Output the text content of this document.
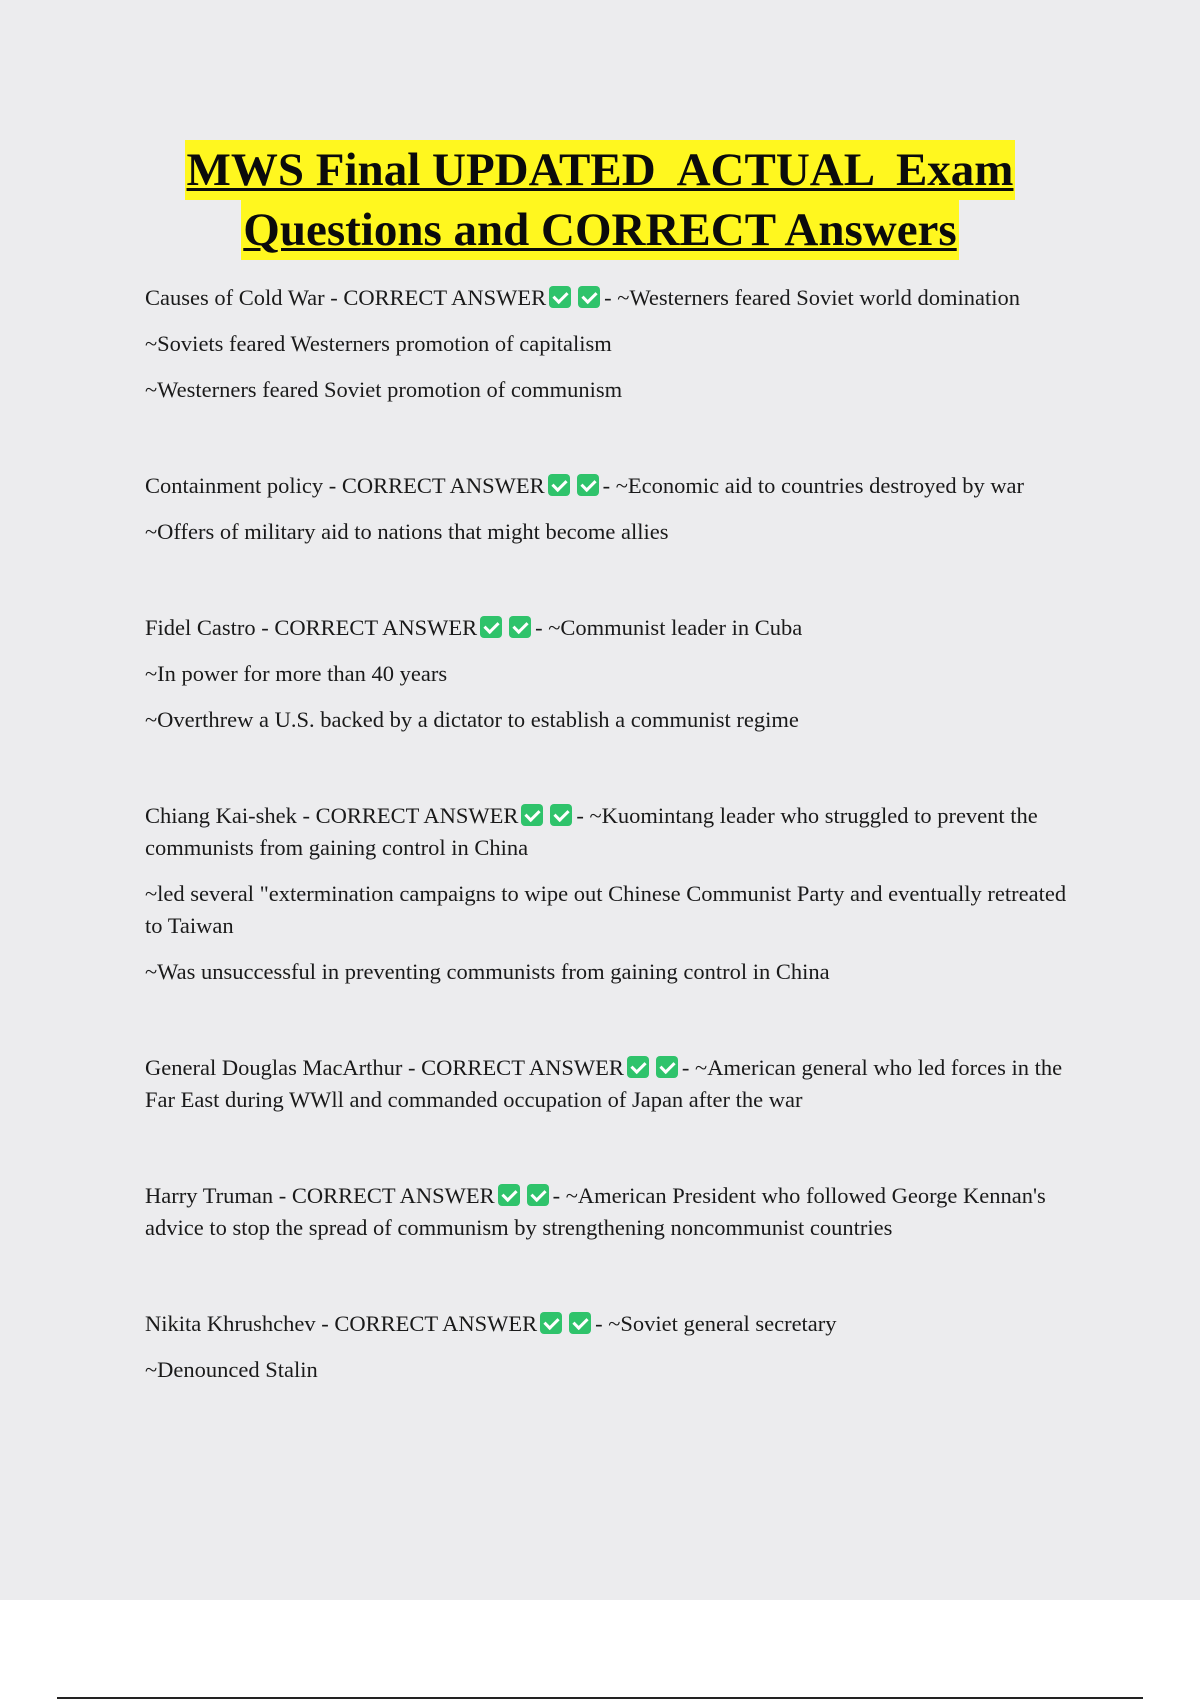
MWS Final UPDATED  ACTUAL  Exam
Questions and CORRECT Answers

Causes of Cold War - CORRECT ANSWER	- ~Westerners feared Soviet world domination

~Soviets feared Westerners promotion of capitalism

~Westerners feared Soviet promotion of communism

Containment policy - CORRECT ANSWER	- ~Economic aid to countries destroyed by war

~Offers of military aid to nations that might become allies

Fidel Castro - CORRECT ANSWER	- ~Communist leader in Cuba

~In power for more than 40 years

~Overthrew a U.S. backed by a dictator to establish a communist regime

Chiang Kai-shek - CORRECT ANSWER	- ~Kuomintang leader who struggled to prevent the communists from gaining control in China

~led several "extermination campaigns to wipe out Chinese Communist Party and eventually retreated to Taiwan

~Was unsuccessful in preventing communists from gaining control in China

General Douglas MacArthur - CORRECT ANSWER	- ~American general who led forces in the Far East during WWll and commanded occupation of Japan after the war

Harry Truman - CORRECT ANSWER	- ~American President who followed George Kennan's advice to stop the spread of communism by strengthening noncommunist countries

Nikita Khrushchev - CORRECT ANSWER	- ~Soviet general secretary

~Denounced Stalin
